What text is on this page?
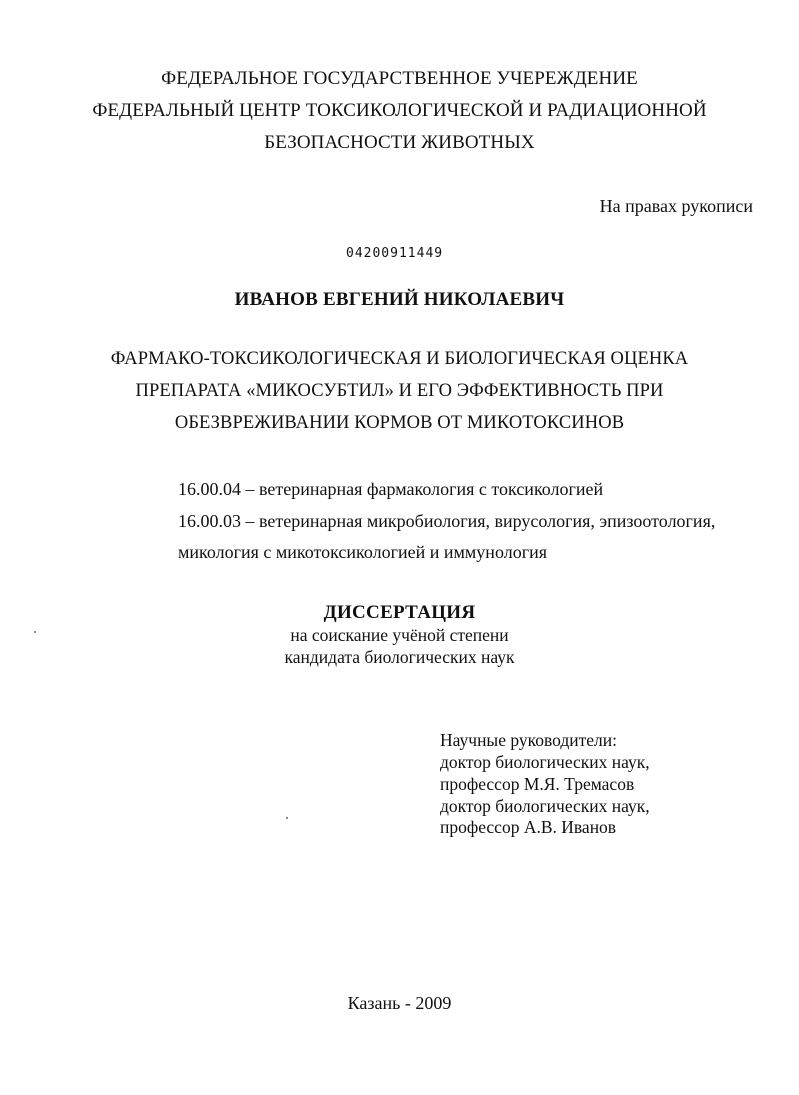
ФЕДЕРАЛЬНОЕ ГОСУДАРСТВЕННОЕ УЧЕРЕЖДЕНИЕ
ФЕДЕРАЛЬНЫЙ ЦЕНТР ТОКСИКОЛОГИЧЕСКОЙ И РАДИАЦИОННОЙ
БЕЗОПАСНОСТИ ЖИВОТНЫХ
На правах рукописи
04200911449
ИВАНОВ ЕВГЕНИЙ НИКОЛАЕВИЧ
ФАРМАКО-ТОКСИКОЛОГИЧЕСКАЯ И БИОЛОГИЧЕСКАЯ ОЦЕНКА
ПРЕПАРАТА «МИКОСУБТИЛ» И ЕГО ЭФФЕКТИВНОСТЬ ПРИ
ОБЕЗВРЕЖИВАНИИ КОРМОВ ОТ МИКОТОКСИНОВ
16.00.04 – ветеринарная фармакология с токсикологией
16.00.03 – ветеринарная микробиология, вирусология, эпизоотология,
микология с микотоксикологией и иммунология
ДИССЕРТАЦИЯ
на соискание учёной степени
кандидата биологических наук
Научные руководители:
доктор биологических наук,
профессор М.Я. Тремасов
доктор биологических наук,
профессор А.В. Иванов
Казань - 2009
